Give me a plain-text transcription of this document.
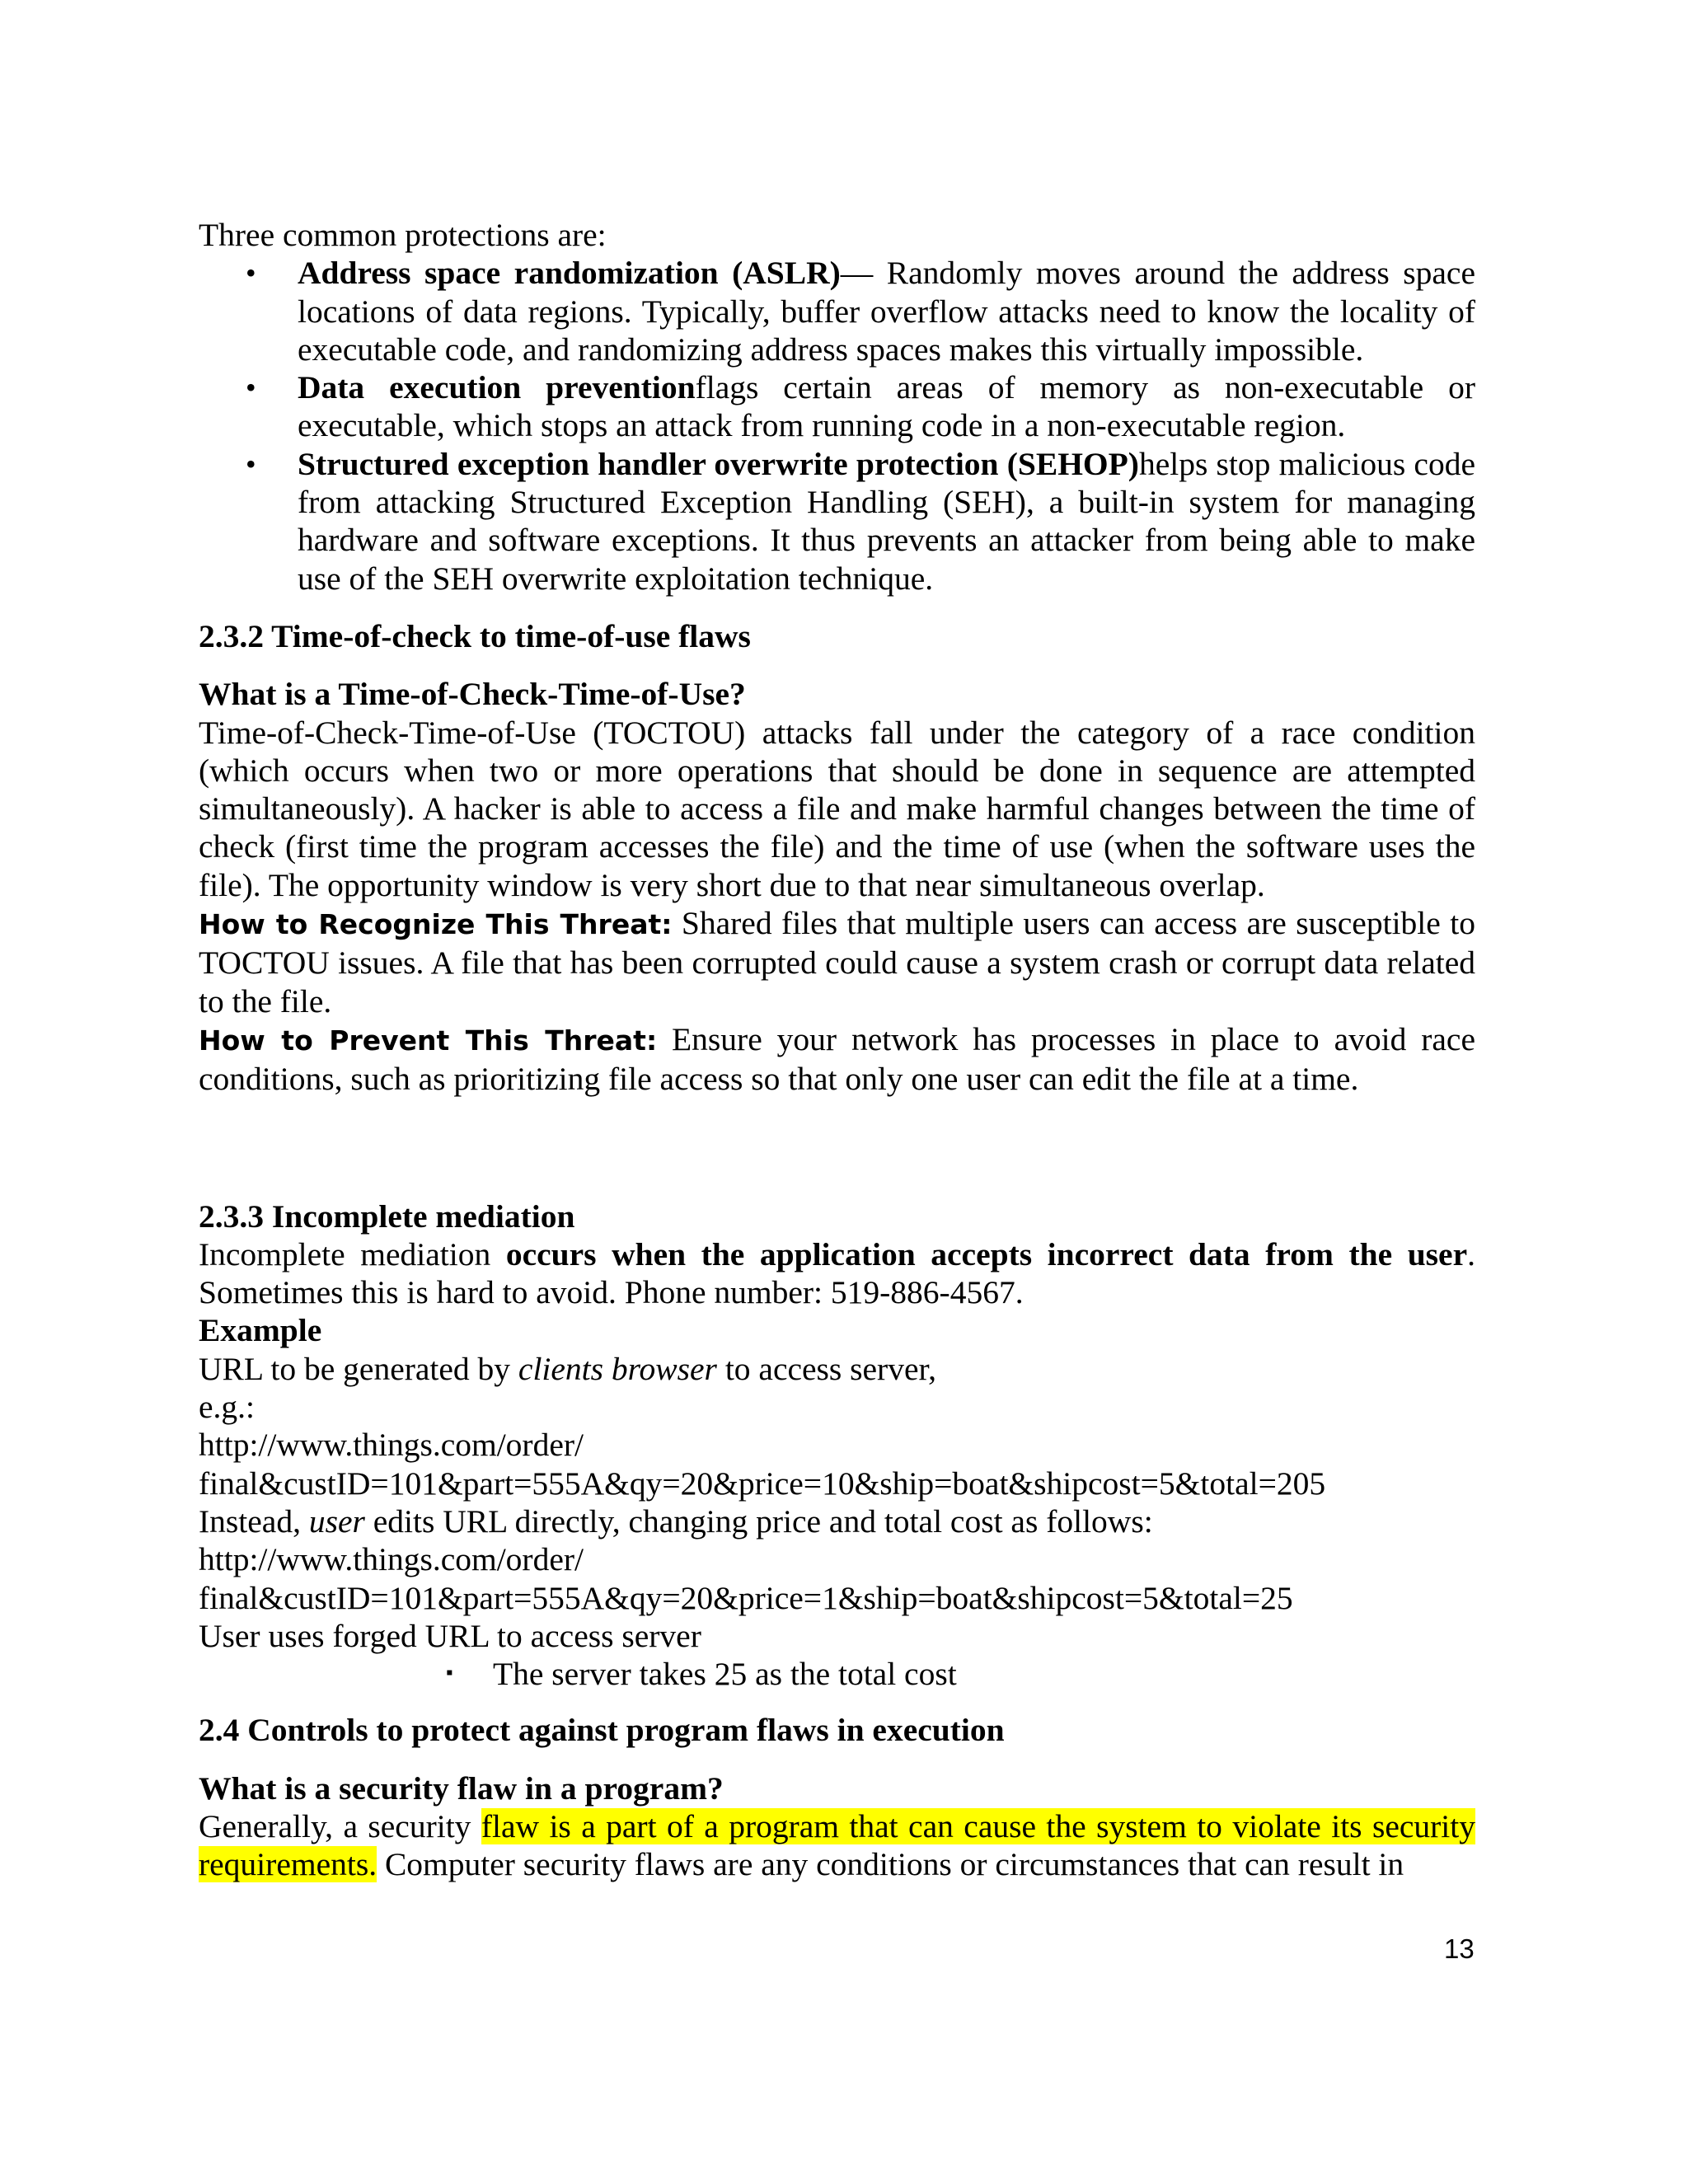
Three common protections are:

• Address space randomization (ASLR)— Randomly moves around the address space locations of data regions. Typically, buffer overflow attacks need to know the locality of executable code, and randomizing address spaces makes this virtually impossible.
• Data execution preventionflags certain areas of memory as non-executable or executable, which stops an attack from running code in a non-executable region.
• Structured exception handler overwrite protection (SEHOP)helps stop malicious code from attacking Structured Exception Handling (SEH), a built-in system for managing hardware and software exceptions. It thus prevents an attacker from being able to make use of the SEH overwrite exploitation technique.

2.3.2 Time-of-check to time-of-use flaws

What is a Time-of-Check-Time-of-Use?

Time-of-Check-Time-of-Use (TOCTOU) attacks fall under the category of a race condition (which occurs when two or more operations that should be done in sequence are attempted simultaneously). A hacker is able to access a file and make harmful changes between the time of check (first time the program accesses the file) and the time of use (when the software uses the file). The opportunity window is very short due to that near simultaneous overlap.

How to Recognize This Threat: Shared files that multiple users can access are susceptible to TOCTOU issues. A file that has been corrupted could cause a system crash or corrupt data related to the file.

How to Prevent This Threat: Ensure your network has processes in place to avoid race conditions, such as prioritizing file access so that only one user can edit the file at a time.

2.3.3 Incomplete mediation

Incomplete mediation occurs when the application accepts incorrect data from the user. Sometimes this is hard to avoid. Phone number: 519-886-4567.

Example

URL to be generated by clients browser to access server,

e.g.:

http://www.things.com/order/

final&custID=101&part=555A&qy=20&price=10&ship=boat&shipcost=5&total=205

Instead, user edits URL directly, changing price and total cost as follows:

http://www.things.com/order/

final&custID=101&part=555A&qy=20&price=1&ship=boat&shipcost=5&total=25

User uses forged URL to access server

▪ The server takes 25 as the total cost

2.4 Controls to protect against program flaws in execution

What is a security flaw in a program?

Generally, a security flaw is a part of a program that can cause the system to violate its security requirements. Computer security flaws are any conditions or circumstances that can result in

13
